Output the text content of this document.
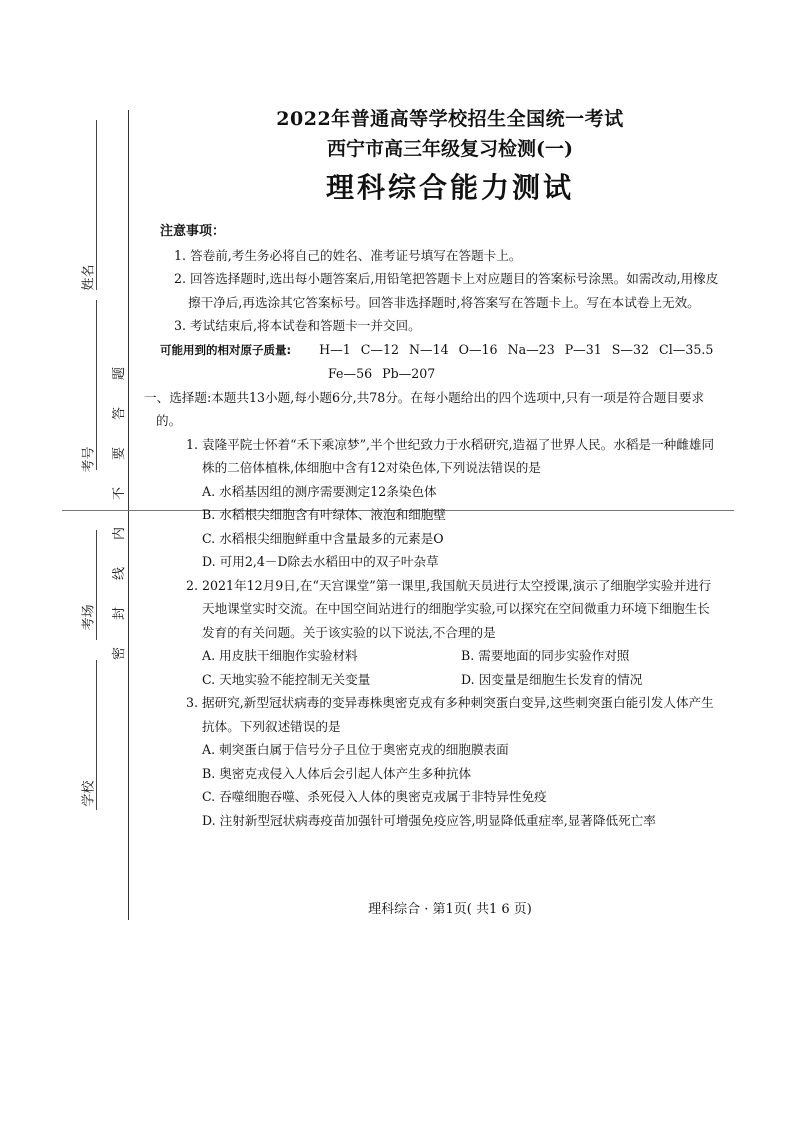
姓名
考号
考场
学校
题
答
要
不
内
线
封
密
2022年普通高等学校招生全国统一考试
西宁市高三年级复习检测(一)
理科综合能力测试

注意事项：

1. 答卷前,考生务必将自己的姓名、准考证号填写在答题卡上。

2. 回答选择题时,选出每小题答案后,用铅笔把答题卡上对应题目的答案标号涂黑。如需改动,用橡皮擦干净后,再选涂其它答案标号。回答非选择题时,将答案写在答题卡上。写在本试卷上无效。

3. 考试结束后,将本试卷和答题卡一并交回。

可能用到的相对原子质量: H—1 C—12 N—14 O—16 Na—23 P—31 S—32 Cl—35.5

Fe—56 Pb—207

一、选择题:本题共13小题,每小题6分,共78分。在每小题给出的四个选项中,只有一项是符合题目要求的。

1. 袁隆平院士怀着“禾下乘凉梦”,半个世纪致力于水稻研究,造福了世界人民。水稻是一种雌雄同株的二倍体植株,体细胞中含有12对染色体,下列说法错误的是

A. 水稻基因组的测序需要测定12条染色体

B. 水稻根尖细胞含有叶绿体、液泡和细胞壁

C. 水稻根尖细胞鲜重中含量最多的元素是O

D. 可用2,4－D除去水稻田中的双子叶杂草

2. 2021年12月9日,在“天宫课堂”第一课里,我国航天员进行太空授课,演示了细胞学实验并进行天地课堂实时交流。在中国空间站进行的细胞学实验,可以探究在空间微重力环境下细胞生长发育的有关问题。关于该实验的以下说法,不合理的是

A. 用皮肤干细胞作实验材料	B. 需要地面的同步实验作对照
C. 天地实验不能控制无关变量	D. 因变量是细胞生长发育的情况

3. 据研究,新型冠状病毒的变异毒株奥密克戎有多种刺突蛋白变异,这些刺突蛋白能引发人体产生抗体。下列叙述错误的是

A. 刺突蛋白属于信号分子且位于奥密克戎的细胞膜表面

B. 奥密克戎侵入人体后会引起人体产生多种抗体

C. 吞噬细胞吞噬、杀死侵入人体的奥密克戎属于非特异性免疫

D. 注射新型冠状病毒疫苗加强针可增强免疫应答,明显降低重症率,显著降低死亡率

理科综合 · 第1页( 共1 6 页)
